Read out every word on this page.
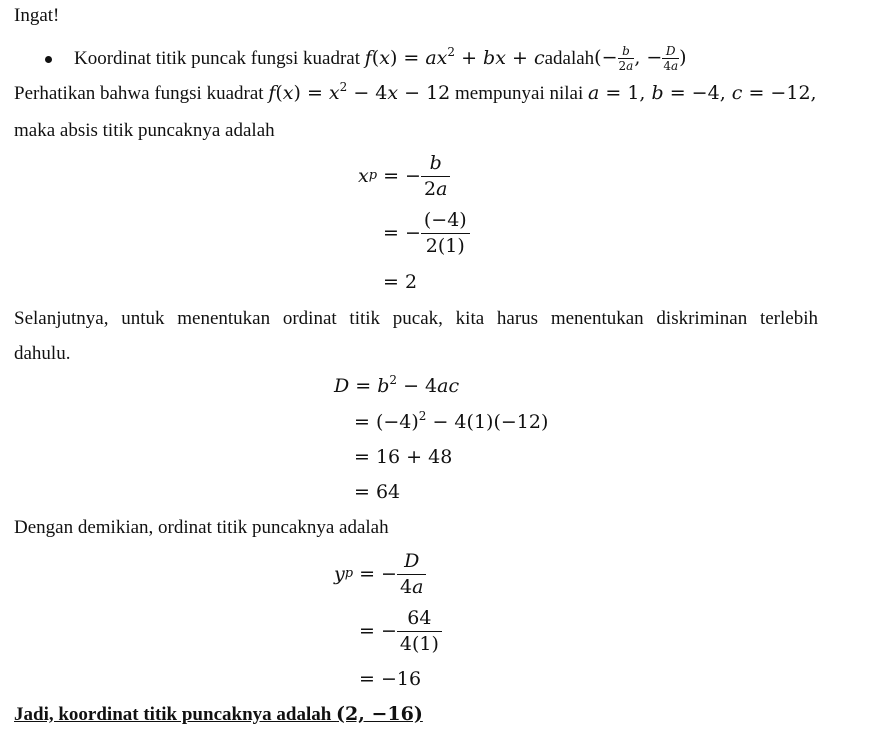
Ingat!
Koordinat titik puncak fungsi kuadrat
$f(x) = ax^2$ + bx + c adalah (− $\frac{b}{2a}$ , − $\frac{D}{4a}$ )
Perhatikan bahwa fungsi kuadrat $f(x) = x^2 - 4x - 12$ mempunyai nilai a = 1, b = −4, c = −12,
maka absis titik puncaknya adalah
x p = − $\frac{b}{2a}$
= − $\frac{(-4)}{2(1)}$
= 2
Selanjutnya, untuk menentukan ordinat titik pucak, kita harus menentukan diskriminan terlebih
dahulu.
$D = b^2 - 4ac$
= $(-4)^2 - 4(1)(-12)$
= 16 + 48
= 64
Dengan demikian, ordinat titik puncaknya adalah
y p = − $\frac{D}{4a}$
= − $\frac{64}{4(1)}$
= −16
Jadi, koordinat titik puncaknya adalah (2, −16)
